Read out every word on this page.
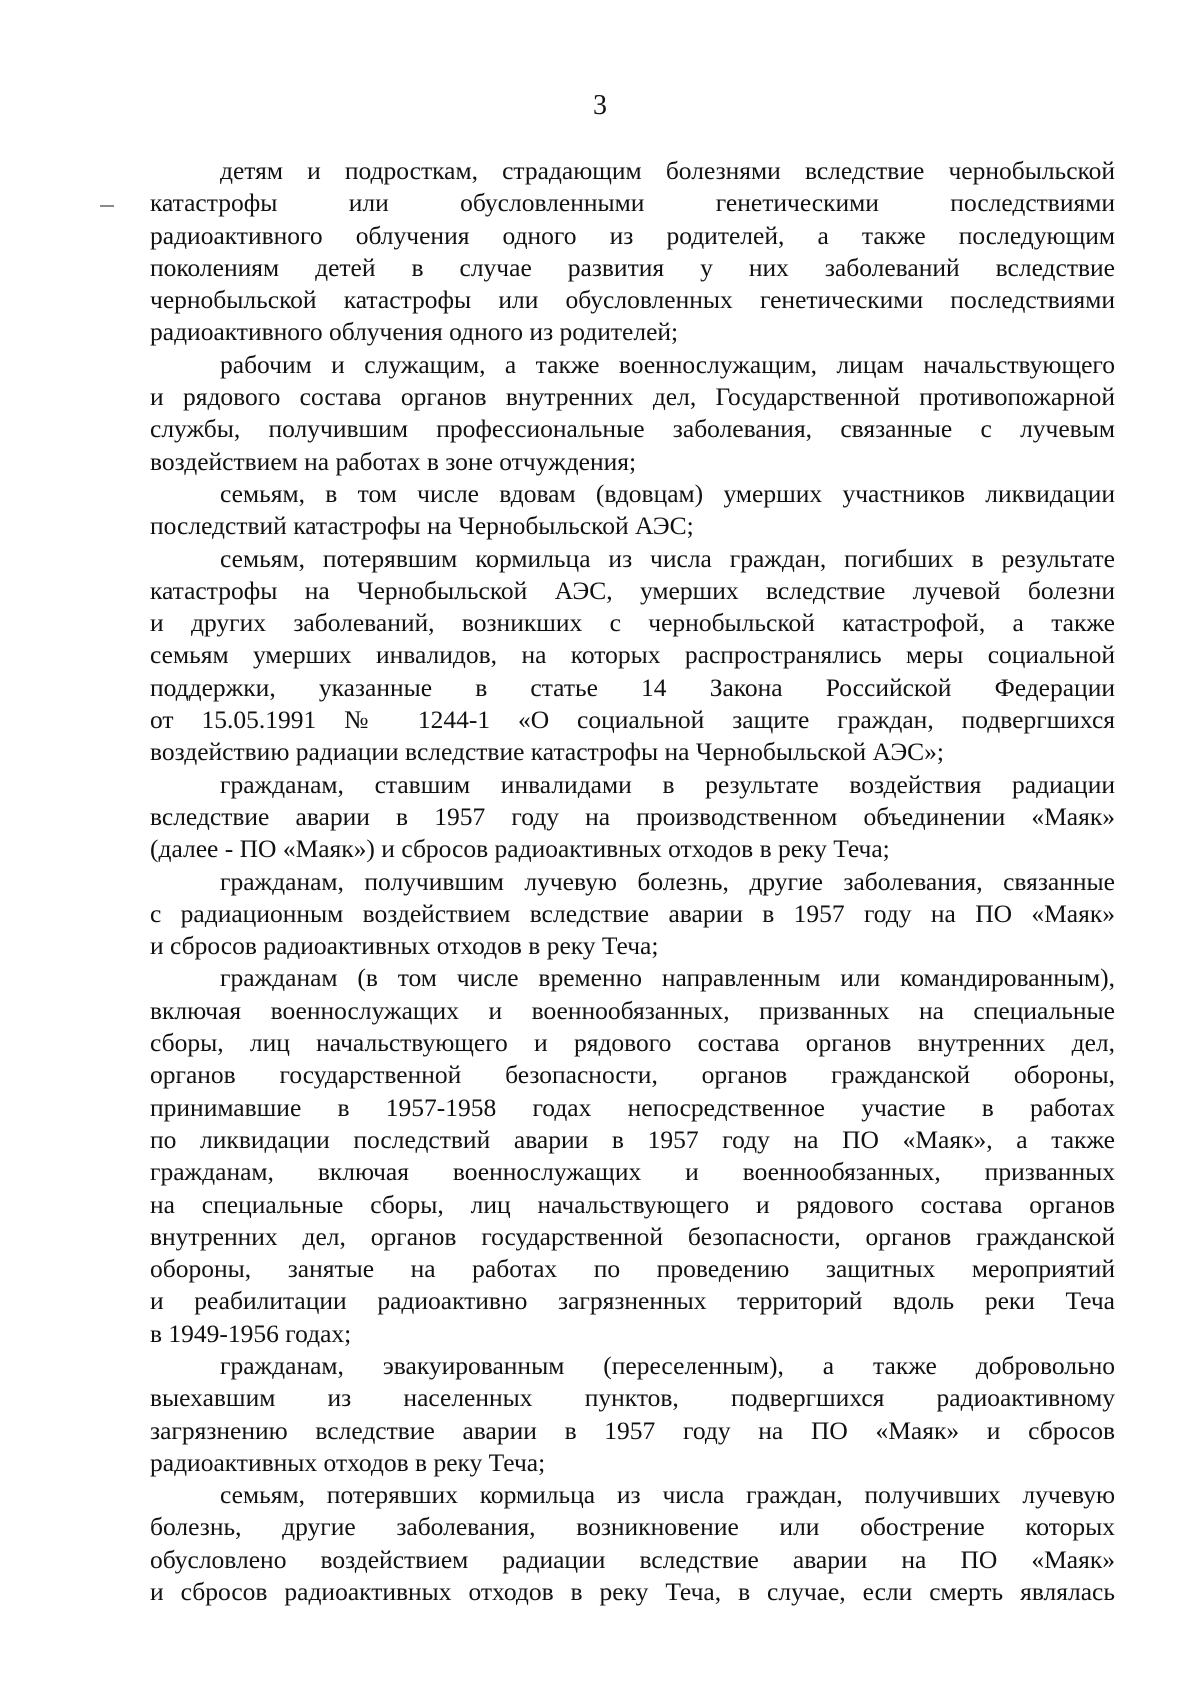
3
детям и подросткам, страдающим болезнями вследствие чернобыльской
катастрофы или обусловленными генетическими последствиями
радиоактивного облучения одного из родителей, а также последующим
поколениям детей в случае развития у них заболеваний вследствие
чернобыльской катастрофы или обусловленных генетическими последствиями
радиоактивного облучения одного из родителей;
рабочим и служащим, а также военнослужащим, лицам начальствующего
и рядового состава органов внутренних дел, Государственной противопожарной
службы, получившим профессиональные заболевания, связанные с лучевым
воздействием на работах в зоне отчуждения;
семьям, в том числе вдовам (вдовцам) умерших участников ликвидации
последствий катастрофы на Чернобыльской АЭС;
семьям, потерявшим кормильца из числа граждан, погибших в результате
катастрофы на Чернобыльской АЭС, умерших вследствие лучевой болезни
и других заболеваний, возникших с чернобыльской катастрофой, а также
семьям умерших инвалидов, на которых распространялись меры социальной
поддержки, указанные в статье 14 Закона Российской Федерации
от 15.05.1991 № 1244-1 «О социальной защите граждан, подвергшихся
воздействию радиации вследствие катастрофы на Чернобыльской АЭС»;
гражданам, ставшим инвалидами в результате воздействия радиации
вследствие аварии в 1957 году на производственном объединении «Маяк»
(далее - ПО «Маяк») и сбросов радиоактивных отходов в реку Теча;
гражданам, получившим лучевую болезнь, другие заболевания, связанные
с радиационным воздействием вследствие аварии в 1957 году на ПО «Маяк»
и сбросов радиоактивных отходов в реку Теча;
гражданам (в том числе временно направленным или командированным),
включая военнослужащих и военнообязанных, призванных на специальные
сборы, лиц начальствующего и рядового состава органов внутренних дел,
органов государственной безопасности, органов гражданской обороны,
принимавшие в 1957-1958 годах непосредственное участие в работах
по ликвидации последствий аварии в 1957 году на ПО «Маяк», а также
гражданам, включая военнослужащих и военнообязанных, призванных
на специальные сборы, лиц начальствующего и рядового состава органов
внутренних дел, органов государственной безопасности, органов гражданской
обороны, занятые на работах по проведению защитных мероприятий
и реабилитации радиоактивно загрязненных территорий вдоль реки Теча
в 1949-1956 годах;
гражданам, эвакуированным (переселенным), а также добровольно
выехавшим из населенных пунктов, подвергшихся радиоактивному
загрязнению вследствие аварии в 1957 году на ПО «Маяк» и сбросов
радиоактивных отходов в реку Теча;
семьям, потерявших кормильца из числа граждан, получивших лучевую
болезнь, другие заболевания, возникновение или обострение которых
обусловлено воздействием радиации вследствие аварии на ПО «Маяк»
и сбросов радиоактивных отходов в реку Теча, в случае, если смерть являлась
